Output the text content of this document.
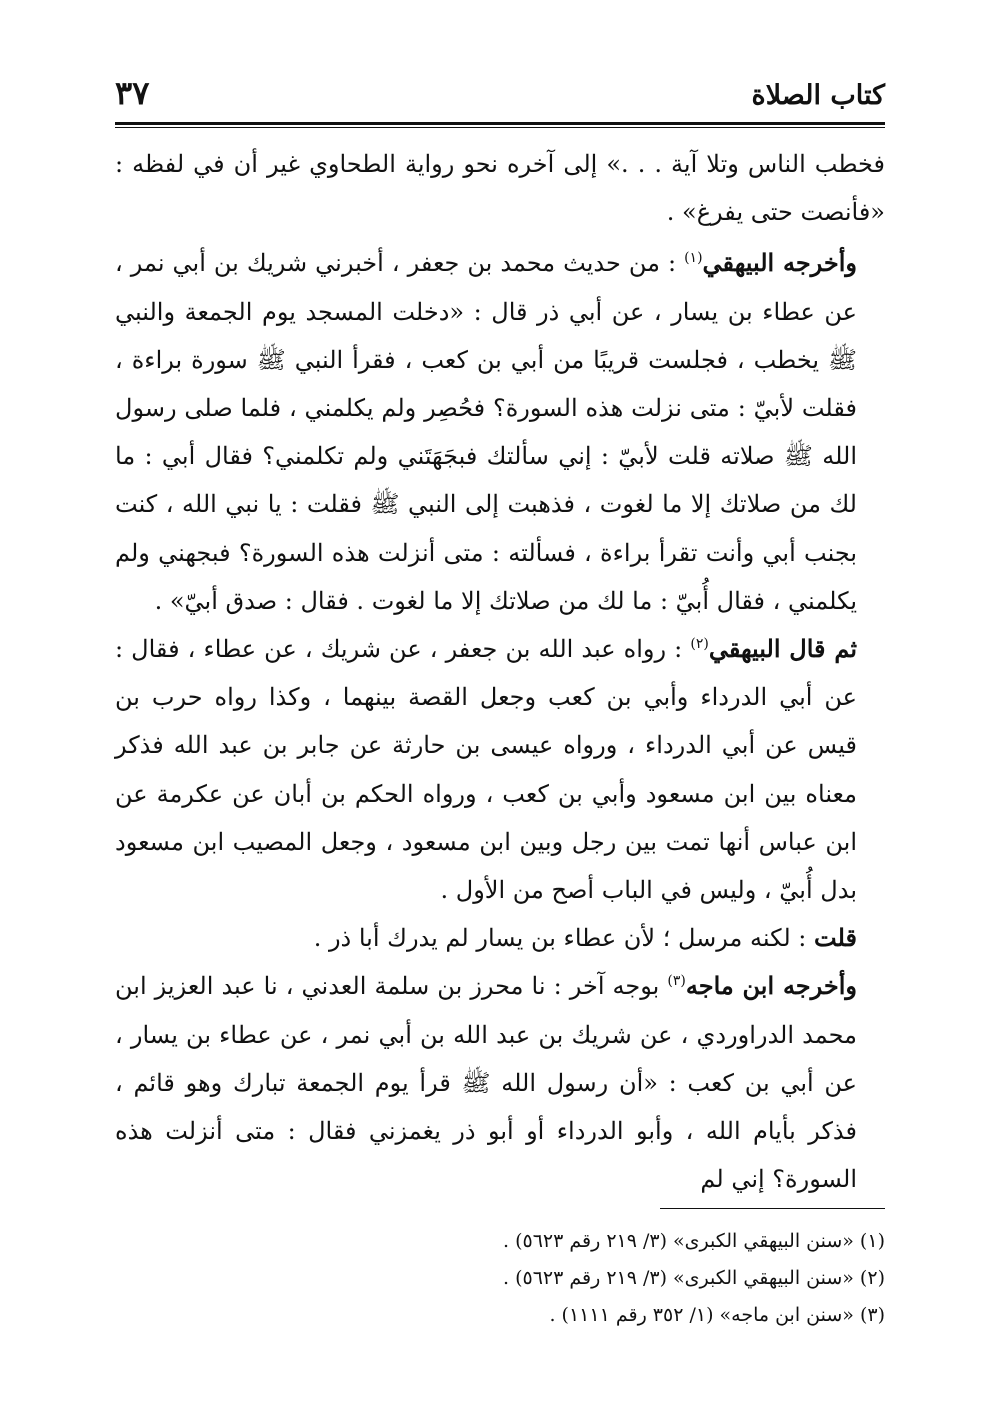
كتاب الصلاة
٣٧

فخطب الناس وتلا آية . . .» إلى آخره نحو رواية الطحاوي غير أن في لفظه : «فأنصت حتى يفرغ» .

وأخرجه البيهقي$^{(١)}$ : من حديث محمد بن جعفر ، أخبرني شريك بن أبي نمر ، عن عطاء بن يسار ، عن أبي ذر قال : «دخلت المسجد يوم الجمعة والنبي ﷺ يخطب ، فجلست قريبًا من أبي بن كعب ، فقرأ النبي ﷺ سورة براءة ، فقلت لأبيّ : متى نزلت هذه السورة؟ فحُصِر ولم يكلمني ، فلما صلى رسول الله ﷺ صلاته قلت لأبيّ : إني سألتك فبجَهَتَني ولم تكلمني؟ فقال أبي : ما لك من صلاتك إلا ما لغوت ، فذهبت إلى النبي ﷺ فقلت : يا نبي الله ، كنت بجنب أبي وأنت تقرأ براءة ، فسألته : متى أنزلت هذه السورة؟ فبجهني ولم يكلمني ، فقال أُبيّ : ما لك من صلاتك إلا ما لغوت . فقال : صدق أبيّ» .

ثم قال البيهقي$^{(٢)}$ : رواه عبد الله بن جعفر ، عن شريك ، عن عطاء ، فقال : عن أبي الدرداء وأبي بن كعب وجعل القصة بينهما ، وكذا رواه حرب بن قيس عن أبي الدرداء ، ورواه عيسى بن حارثة عن جابر بن عبد الله فذكر معناه بين ابن مسعود وأبي بن كعب ، ورواه الحكم بن أبان عن عكرمة عن ابن عباس أنها تمت بين رجل وبين ابن مسعود ، وجعل المصيب ابن مسعود بدل أُبيّ ، وليس في الباب أصح من الأول .

قلت : لكنه مرسل ؛ لأن عطاء بن يسار لم يدرك أبا ذر .

وأخرجه ابن ماجه$^{(٣)}$ بوجه آخر : نا محرز بن سلمة العدني ، نا عبد العزيز ابن محمد الدراوردي ، عن شريك بن عبد الله بن أبي نمر ، عن عطاء بن يسار ، عن أبي بن كعب : «أن رسول الله ﷺ قرأ يوم الجمعة تبارك وهو قائم ، فذكر بأيام الله ، وأبو الدرداء أو أبو ذر يغمزني فقال : متى أنزلت هذه السورة؟ إني لم

(١) «سنن البيهقي الكبرى» (٣/ ٢١٩ رقم ٥٦٢٣) .
(٢) «سنن البيهقي الكبرى» (٣/ ٢١٩ رقم ٥٦٢٣) .
(٣) «سنن ابن ماجه» (١/ ٣٥٢ رقم ١١١١) .
